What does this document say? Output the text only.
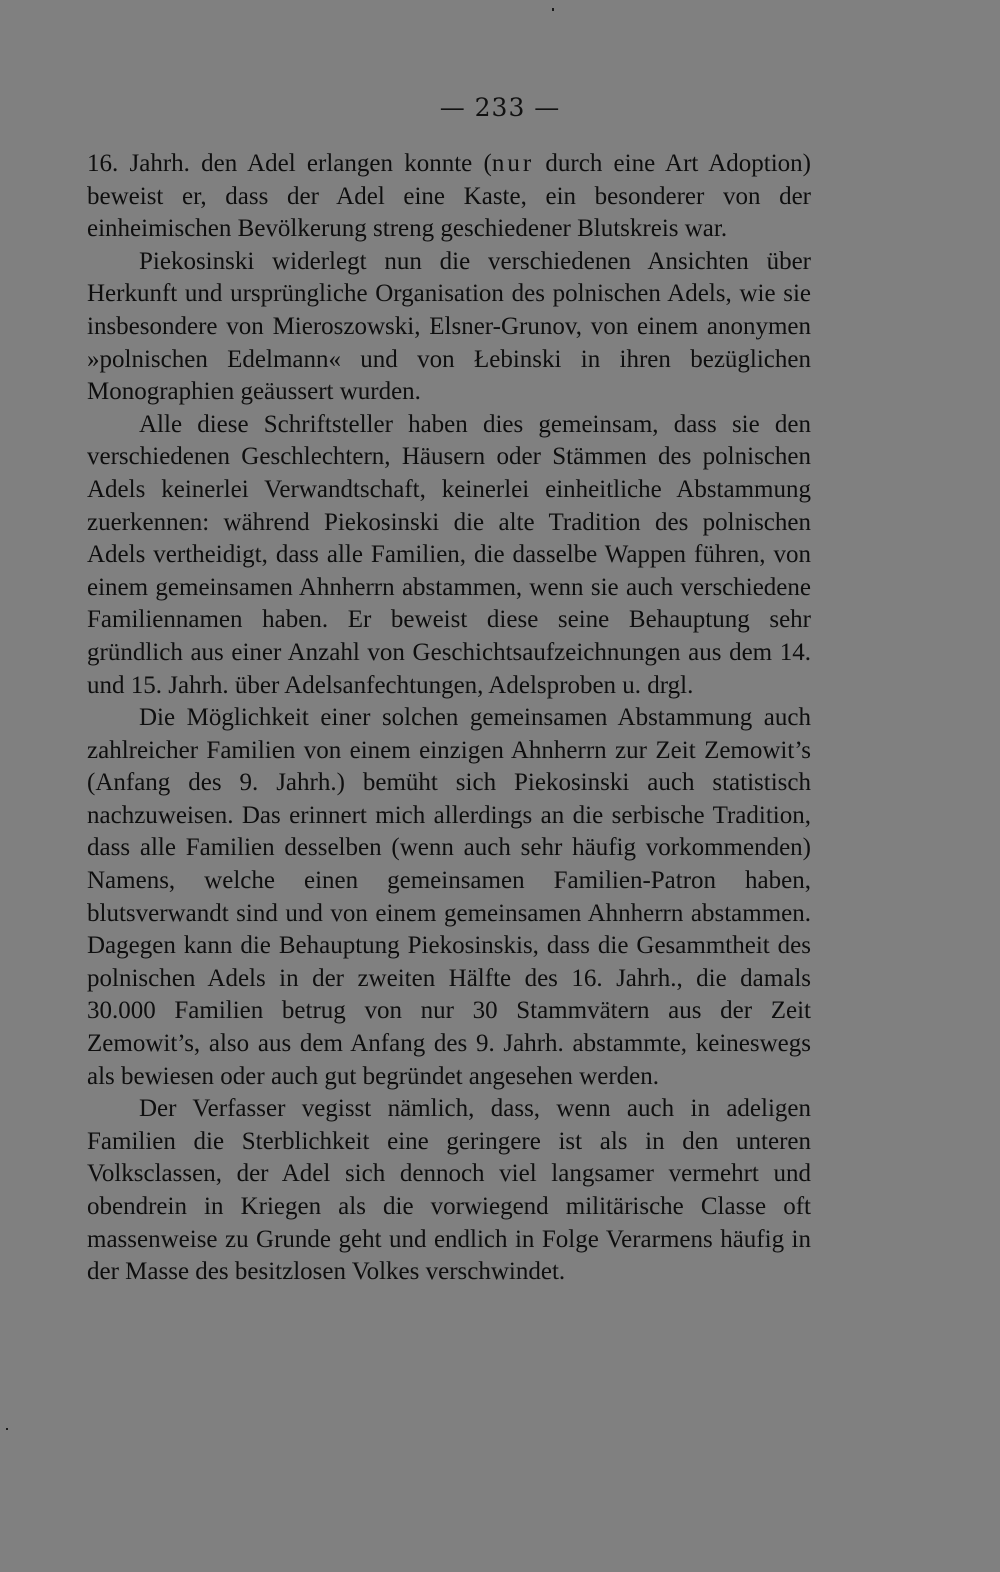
— 233 —

16. Jahrh. den Adel erlangen konnte (nur durch eine Art Adoption) beweist er, dass der Adel eine Kaste, ein besonderer von der einheimischen Bevölkerung streng geschiedener Blutskreis war.

Piekosinski widerlegt nun die verschiedenen Ansichten über Herkunft und ursprüngliche Organisation des polnischen Adels, wie sie insbesondere von Mieroszowski, Elsner-Grunov, von einem anonymen »polnischen Edelmann« und von Łebinski in ihren bezüglichen Monographien geäussert wurden.

Alle diese Schriftsteller haben dies gemeinsam, dass sie den verschiedenen Geschlechtern, Häusern oder Stämmen des polnischen Adels keinerlei Verwandtschaft, keinerlei einheitliche Abstammung zuerkennen: während Piekosinski die alte Tradition des polnischen Adels vertheidigt, dass alle Familien, die dasselbe Wappen führen, von einem gemeinsamen Ahnherrn abstammen, wenn sie auch verschiedene Familiennamen haben. Er beweist diese seine Behauptung sehr gründlich aus einer Anzahl von Geschichtsaufzeichnungen aus dem 14. und 15. Jahrh. über Adelsanfechtungen, Adelsproben u. drgl.

Die Möglichkeit einer solchen gemeinsamen Abstammung auch zahlreicher Familien von einem einzigen Ahnherrn zur Zeit Zemowit’s (Anfang des 9. Jahrh.) bemüht sich Piekosinski auch statistisch nachzuweisen. Das erinnert mich allerdings an die serbische Tradition, dass alle Familien desselben (wenn auch sehr häufig vorkommenden) Namens, welche einen gemeinsamen Familien-Patron haben, blutsverwandt sind und von einem gemeinsamen Ahnherrn abstammen. Dagegen kann die Behauptung Piekosinskis, dass die Gesammtheit des polnischen Adels in der zweiten Hälfte des 16. Jahrh., die damals 30.000 Familien betrug von nur 30 Stammvätern aus der Zeit Zemowit’s, also aus dem Anfang des 9. Jahrh. abstammte, keineswegs als bewiesen oder auch gut begründet angesehen werden.

Der Verfasser vegisst nämlich, dass, wenn auch in adeligen Familien die Sterblichkeit eine geringere ist als in den unteren Volksclassen, der Adel sich dennoch viel langsamer vermehrt und obendrein in Kriegen als die vorwiegend militärische Classe oft massenweise zu Grunde geht und endlich in Folge Verarmens häufig in der Masse des besitzlosen Volkes verschwindet.
